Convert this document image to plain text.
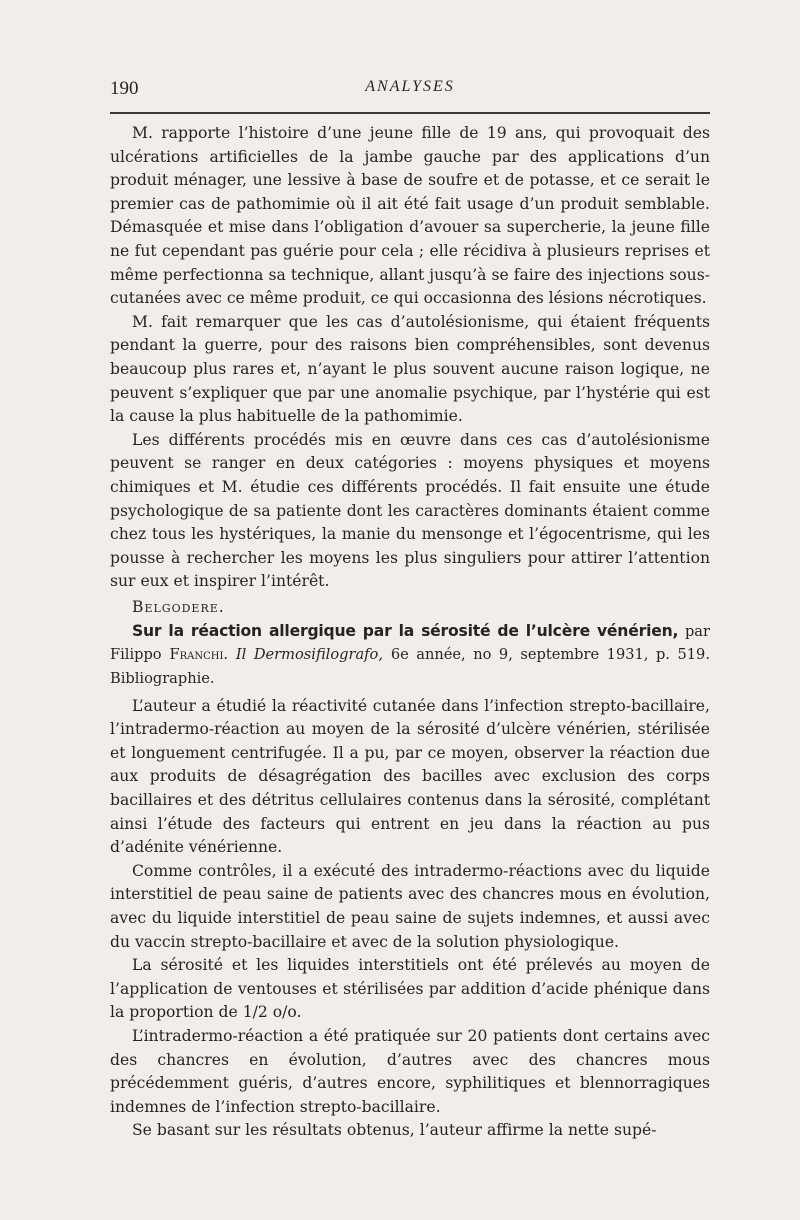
190	ANALYSES

M. rapporte l’histoire d’une jeune fille de 19 ans, qui provoquait des ulcérations artificielles de la jambe gauche par des applications d’un produit ménager, une lessive à base de soufre et de potasse, et ce serait le premier cas de pathomimie où il ait été fait usage d’un produit semblable. Démasquée et mise dans l’obligation d’avouer sa supercherie, la jeune fille ne fut cependant pas guérie pour cela ; elle récidiva à plusieurs reprises et même perfectionna sa technique, allant jusqu’à se faire des injections sous-cutanées avec ce même produit, ce qui occasionna des lésions nécrotiques.

M. fait remarquer que les cas d’autolésionisme, qui étaient fréquents pendant la guerre, pour des raisons bien compréhensibles, sont devenus beaucoup plus rares et, n’ayant le plus souvent aucune raison logique, ne peuvent s’expliquer que par une anomalie psychique, par l’hystérie qui est la cause la plus habituelle de la pathomimie.

Les différents procédés mis en œuvre dans ces cas d’autolésionisme peuvent se ranger en deux catégories : moyens physiques et moyens chimiques et M. étudie ces différents procédés. Il fait ensuite une étude psychologique de sa patiente dont les caractères dominants étaient comme chez tous les hystériques, la manie du mensonge et l’égocentrisme, qui les pousse à rechercher les moyens les plus singuliers pour attirer l’attention sur eux et inspirer l’intérêt.

Belgodere.

Sur la réaction allergique par la sérosité de l’ulcère vénérien, par Filippo Franchi. Il Dermosifilografo, 6e année, no 9, septembre 1931, p. 519. Bibliographie.

L’auteur a étudié la réactivité cutanée dans l’infection strepto-bacillaire, l’intradermo-réaction au moyen de la sérosité d’ulcère vénérien, stérilisée et longuement centrifugée. Il a pu, par ce moyen, observer la réaction due aux produits de désagrégation des bacilles avec exclusion des corps bacillaires et des détritus cellulaires contenus dans la sérosité, complétant ainsi l’étude des facteurs qui entrent en jeu dans la réaction au pus d’adénite vénérienne.

Comme contrôles, il a exécuté des intradermo-réactions avec du liquide interstitiel de peau saine de patients avec des chancres mous en évolution, avec du liquide interstitiel de peau saine de sujets indemnes, et aussi avec du vaccin strepto-bacillaire et avec de la solution physiologique.

La sérosité et les liquides interstitiels ont été prélevés au moyen de l’application de ventouses et stérilisées par addition d’acide phénique dans la proportion de 1/2 o/o.

L’intradermo-réaction a été pratiquée sur 20 patients dont certains avec des chancres en évolution, d’autres avec des chancres mous précédemment guéris, d’autres encore, syphilitiques et blennorragiques indemnes de l’infection strepto-bacillaire.

Se basant sur les résultats obtenus, l’auteur affirme la nette supé-
